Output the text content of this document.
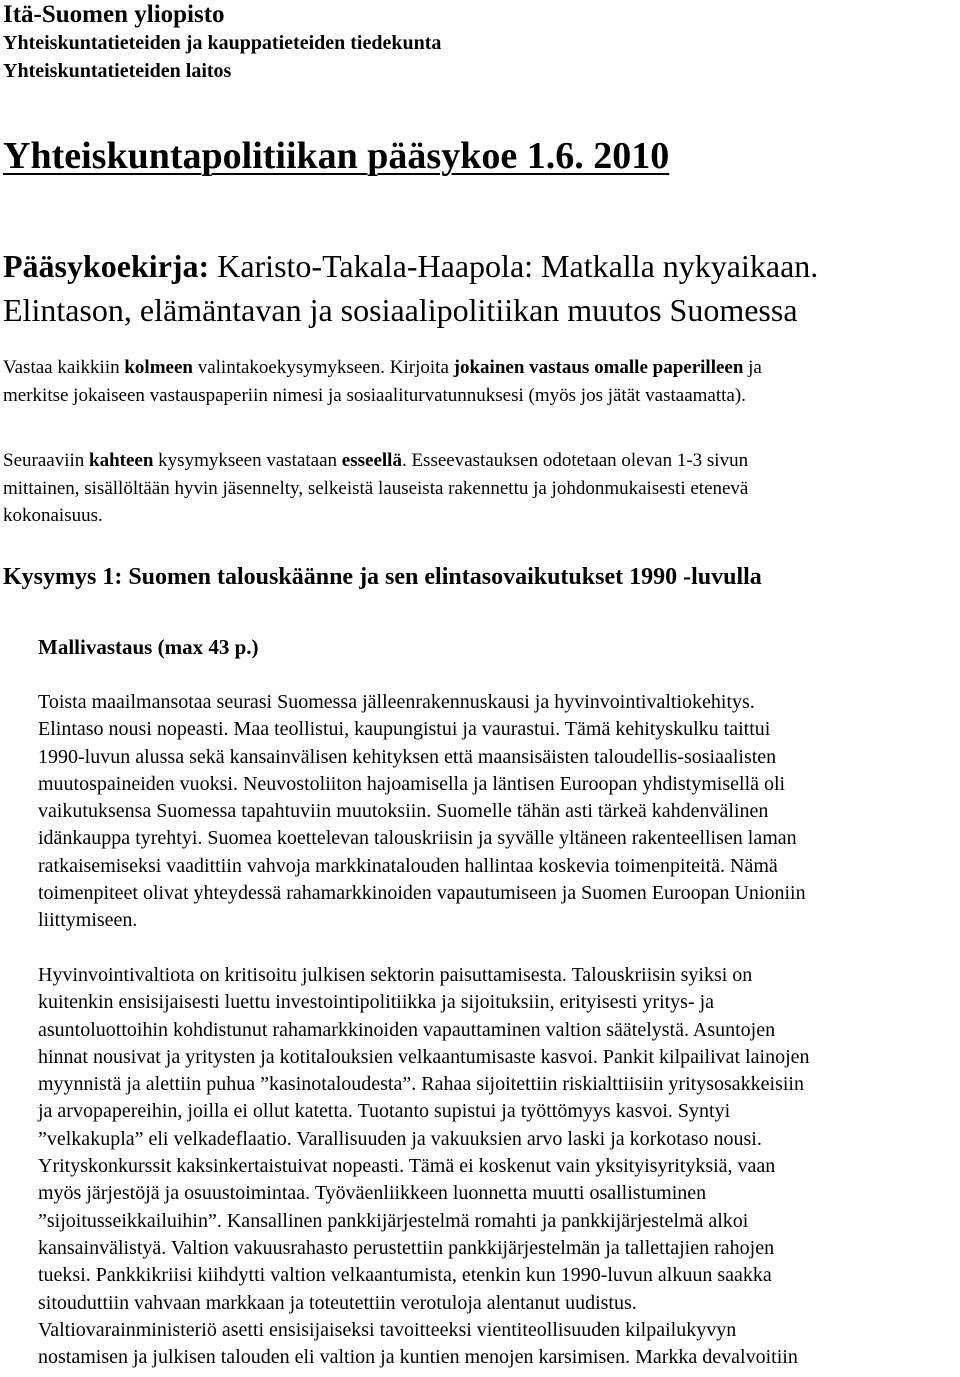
Itä-Suomen yliopisto
Yhteiskuntatieteiden ja kauppatieteiden tiedekunta
Yhteiskuntatieteiden laitos
Yhteiskuntapolitiikan pääsykoe 1.6. 2010
Pääsykoekirja: Karisto-Takala-Haapola: Matkalla nykyaikaan.
Elintason, elämäntavan ja sosiaalipolitiikan muutos Suomessa

Vastaa kaikkiin kolmeen valintakoekysymykseen. Kirjoita jokainen vastaus omalle paperilleen ja
merkitse jokaiseen vastauspaperiin nimesi ja sosiaaliturvatunnuksesi (myös jos jätät vastaamatta).

Seuraaviin kahteen kysymykseen vastataan esseellä. Esseevastauksen odotetaan olevan 1-3 sivun
mittainen, sisällöltään hyvin jäsennelty, selkeistä lauseista rakennettu ja johdonmukaisesti etenevä
kokonaisuus.

Kysymys 1: Suomen talouskäänne ja sen elintasovaikutukset 1990 -luvulla
Mallivastaus (max 43 p.)

Toista maailmansotaa seurasi Suomessa jälleenrakennuskausi ja hyvinvointivaltiokehitys.
Elintaso nousi nopeasti. Maa teollistui, kaupungistui ja vaurastui. Tämä kehityskulku taittui
1990-luvun alussa sekä kansainvälisen kehityksen että maansisäisten taloudellis-sosiaalisten
muutospaineiden vuoksi. Neuvostoliiton hajoamisella ja läntisen Euroopan yhdistymisellä oli
vaikutuksensa Suomessa tapahtuviin muutoksiin. Suomelle tähän asti tärkeä kahdenvälinen
idänkauppa tyrehtyi. Suomea koettelevan talouskriisin ja syvälle yltäneen rakenteellisen laman
ratkaisemiseksi vaadittiin vahvoja markkinatalouden hallintaa koskevia toimenpiteitä. Nämä
toimenpiteet olivat yhteydessä rahamarkkinoiden vapautumiseen ja Suomen Euroopan Unioniin
liittymiseen.

Hyvinvointivaltiota on kritisoitu julkisen sektorin paisuttamisesta. Talouskriisin syiksi on
kuitenkin ensisijaisesti luettu investointipolitiikka ja sijoituksiin, erityisesti yritys- ja
asuntoluottoihin kohdistunut rahamarkkinoiden vapauttaminen valtion säätelystä. Asuntojen
hinnat nousivat ja yritysten ja kotitalouksien velkaantumisaste kasvoi. Pankit kilpailivat lainojen
myynnistä ja alettiin puhua ”kasinotaloudesta”. Rahaa sijoitettiin riskialttiisiin yritysosakkeisiin
ja arvopapereihin, joilla ei ollut katetta. Tuotanto supistui ja työttömyys kasvoi. Syntyi
”velkakupla” eli velkadeflaatio. Varallisuuden ja vakuuksien arvo laski ja korkotaso nousi.
Yrityskonkurssit kaksinkertaistuivat nopeasti. Tämä ei koskenut vain yksityisyrityksiä, vaan
myös järjestöjä ja osuustoimintaa. Työväenliikkeen luonnetta muutti osallistuminen
”sijoitusseikkailuihin”. Kansallinen pankkijärjestelmä romahti ja pankkijärjestelmä alkoi
kansainvälistyä. Valtion vakuusrahasto perustettiin pankkijärjestelmän ja tallettajien rahojen
tueksi. Pankkikriisi kiihdytti valtion velkaantumista, etenkin kun 1990-luvun alkuun saakka
sitouduttiin vahvaan markkaan ja toteutettiin verotuloja alentanut uudistus.
Valtiovarainministeriö asetti ensisijaiseksi tavoitteeksi vientiteollisuuden kilpailukyvyn
nostamisen ja julkisen talouden eli valtion ja kuntien menojen karsimisen. Markka devalvoitiin
